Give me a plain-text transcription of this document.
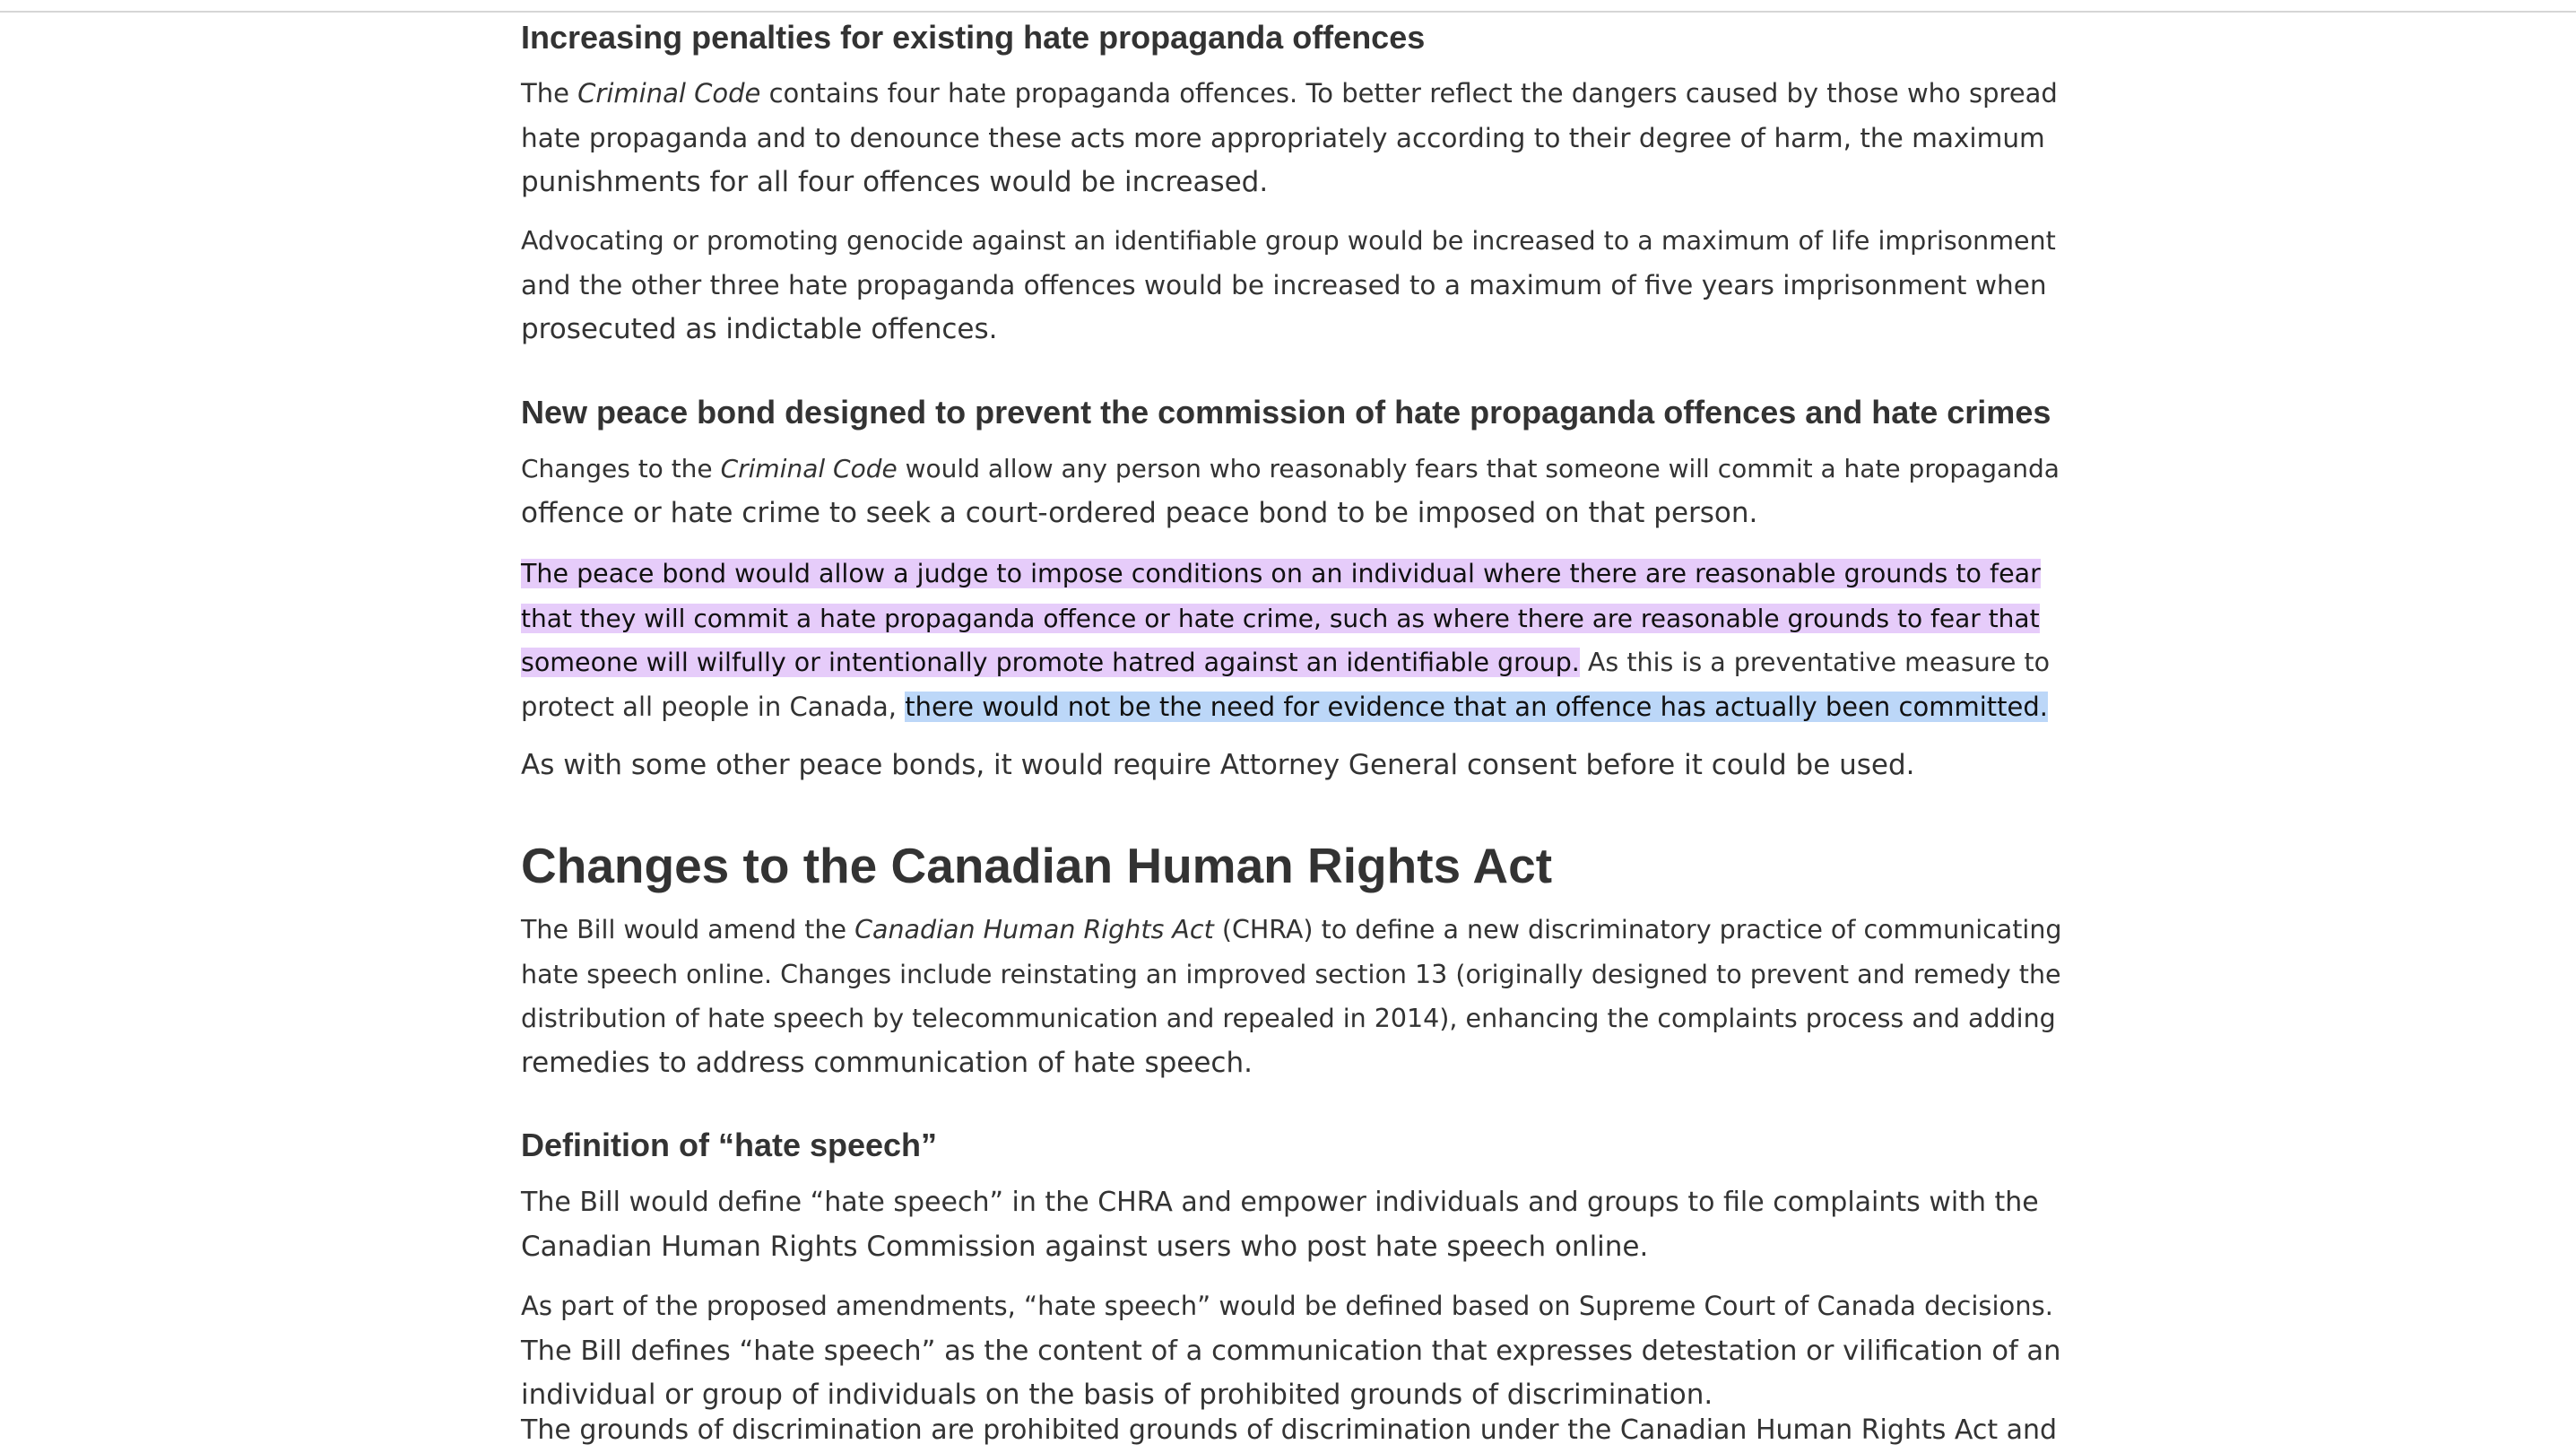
Increasing penalties for existing hate propaganda offences
The Criminal Code contains four hate propaganda offences. To better reflect the dangers caused by those who spread
hate propaganda and to denounce these acts more appropriately according to their degree of harm, the maximum
punishments for all four offences would be increased.
Advocating or promoting genocide against an identifiable group would be increased to a maximum of life imprisonment
and the other three hate propaganda offences would be increased to a maximum of five years imprisonment when
prosecuted as indictable offences.
New peace bond designed to prevent the commission of hate propaganda offences and hate crimes
Changes to the Criminal Code would allow any person who reasonably fears that someone will commit a hate propaganda
offence or hate crime to seek a court-ordered peace bond to be imposed on that person.
The peace bond would allow a judge to impose conditions on an individual where there are reasonable grounds to fear
that they will commit a hate propaganda offence or hate crime, such as where there are reasonable grounds to fear that
someone will wilfully or intentionally promote hatred against an identifiable group. As this is a preventative measure to
protect all people in Canada, there would not be the need for evidence that an offence has actually been committed.
As with some other peace bonds, it would require Attorney General consent before it could be used.
Changes to the Canadian Human Rights Act
The Bill would amend the Canadian Human Rights Act (CHRA) to define a new discriminatory practice of communicating
hate speech online. Changes include reinstating an improved section 13 (originally designed to prevent and remedy the
distribution of hate speech by telecommunication and repealed in 2014), enhancing the complaints process and adding
remedies to address communication of hate speech.
Definition of “hate speech”
The Bill would define “hate speech” in the CHRA and empower individuals and groups to file complaints with the
Canadian Human Rights Commission against users who post hate speech online.
As part of the proposed amendments, “hate speech” would be defined based on Supreme Court of Canada decisions.
The Bill defines “hate speech” as the content of a communication that expresses detestation or vilification of an
individual or group of individuals on the basis of prohibited grounds of discrimination.
The grounds of discrimination are prohibited grounds of discrimination under the Canadian Human Rights Act and
